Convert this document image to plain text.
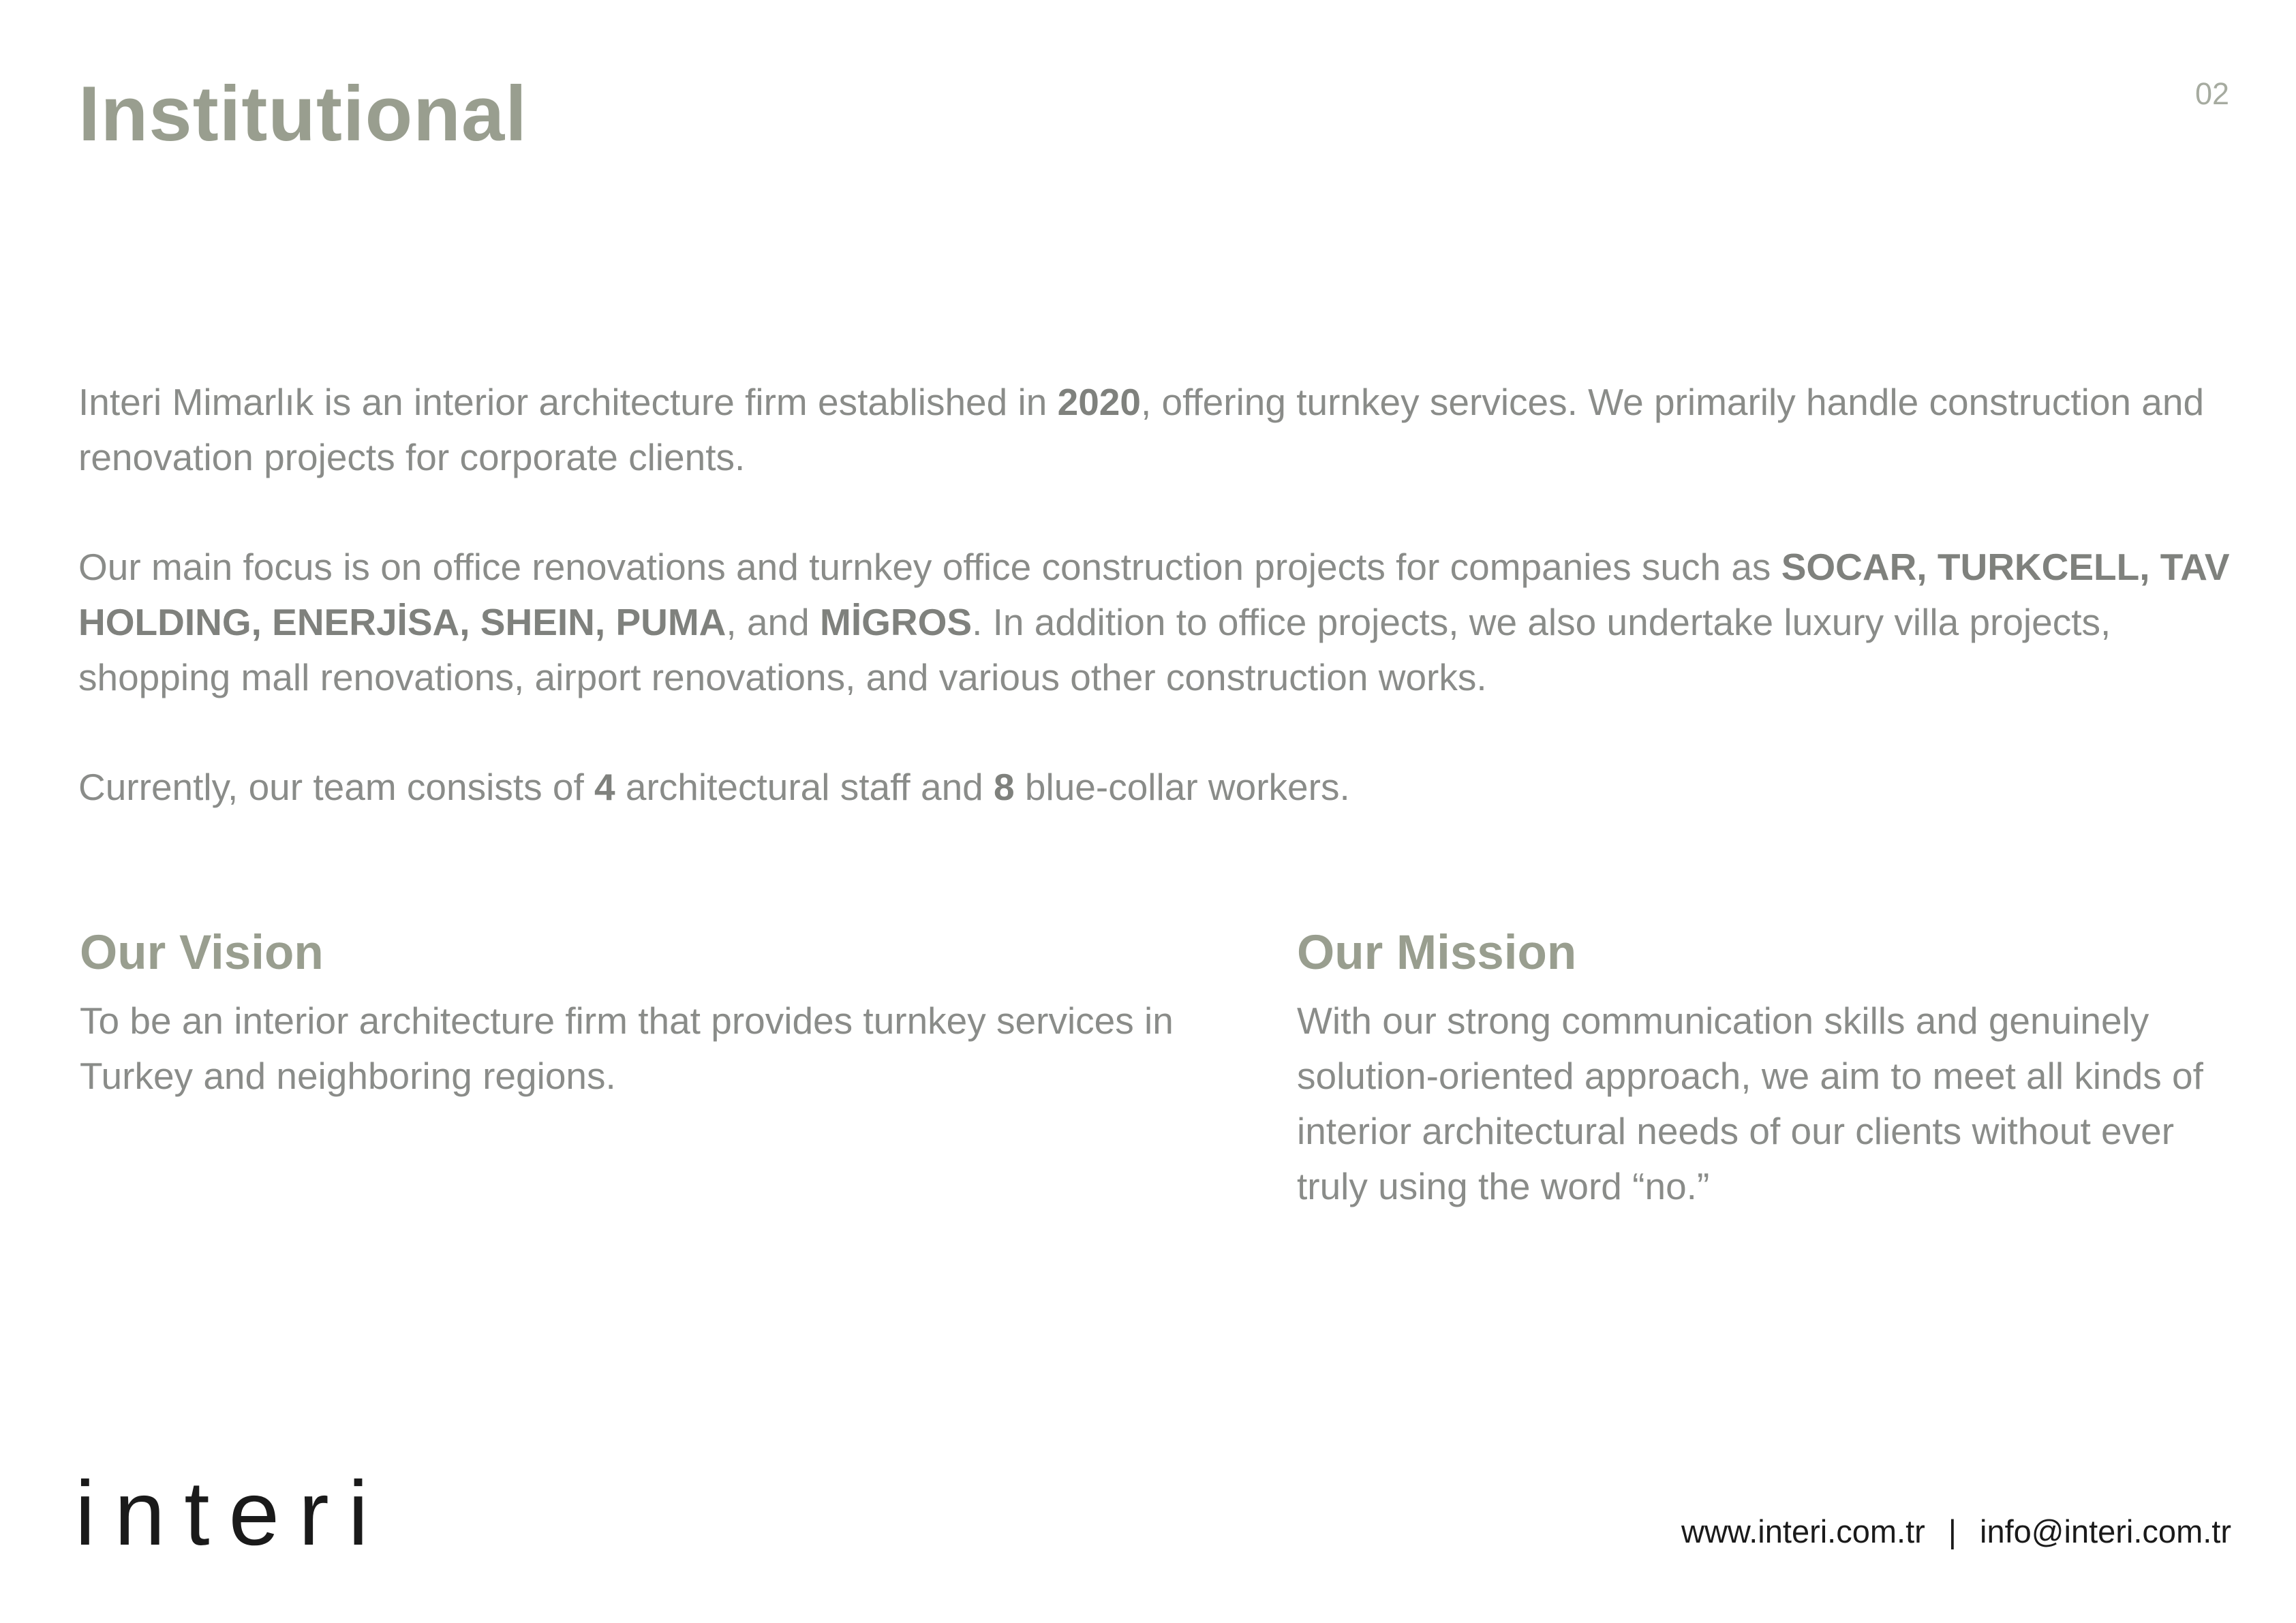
Institutional	02

Interi Mimarlık is an interior architecture firm established in 2020, offering turnkey services. We primarily handle construction and renovation projects for corporate clients.

Our main focus is on office renovations and turnkey office construction projects for companies such as SOCAR, TURKCELL, TAV HOLDING, ENERJİSA, SHEIN, PUMA, and MİGROS. In addition to office projects, we also undertake luxury villa projects, shopping mall renovations, airport renovations, and various other construction works.

Currently, our team consists of 4 architectural staff and 8 blue-collar workers.

Our Vision

To be an interior architecture firm that provides turnkey services in Turkey and neighboring regions.

Our Mission

With our strong communication skills and genuinely solution-oriented approach, we aim to meet all kinds of interior architectural needs of our clients without ever truly using the word “no.”

interi	www.interi.com.tr | info@interi.com.tr
